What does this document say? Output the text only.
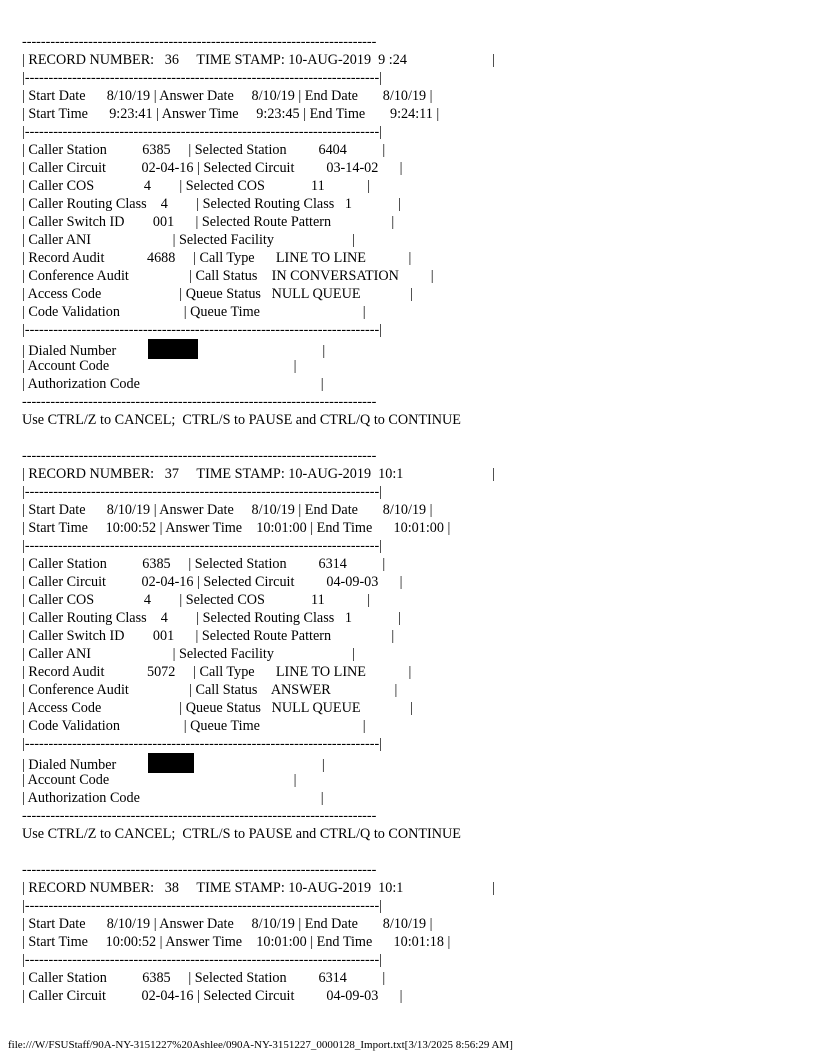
---------------------------------------------------------------------------
| RECORD NUMBER:   36     TIME STAMP: 10-AUG-2019  9 :24                        |
|---------------------------------------------------------------------------|
| Start Date      8/10/19 | Answer Date     8/10/19 | End Date       8/10/19 |
| Start Time      9:23:41 | Answer Time     9:23:45 | End Time       9:24:11 |
|---------------------------------------------------------------------------|
| Caller Station          6385     | Selected Station         6404          |
| Caller Circuit          02-04-16 | Selected Circuit         03-14-02      |
| Caller COS              4        | Selected COS             11            |
| Caller Routing Class    4        | Selected Routing Class   1             |
| Caller Switch ID        001      | Selected Route Pattern                 |
| Caller ANI                       | Selected Facility                      |
| Record Audit            4688     | Call Type      LINE TO LINE            |
| Conference Audit                 | Call Status    IN CONVERSATION         |
| Access Code                      | Queue Status   NULL QUEUE              |
| Code Validation                  | Queue Time                             |
|---------------------------------------------------------------------------|
| Dialed Number	|
| Account Code                                                    |
| Authorization Code                                                   |
---------------------------------------------------------------------------
Use CTRL/Z to CANCEL;  CTRL/S to PAUSE and CTRL/Q to CONTINUE
---------------------------------------------------------------------------
| RECORD NUMBER:   37     TIME STAMP: 10-AUG-2019  10:1                         |
|---------------------------------------------------------------------------|
| Start Date      8/10/19 | Answer Date     8/10/19 | End Date       8/10/19 |
| Start Time     10:00:52 | Answer Time    10:01:00 | End Time      10:01:00 |
|---------------------------------------------------------------------------|
| Caller Station          6385     | Selected Station         6314          |
| Caller Circuit          02-04-16 | Selected Circuit         04-09-03      |
| Caller COS              4        | Selected COS             11            |
| Caller Routing Class    4        | Selected Routing Class   1             |
| Caller Switch ID        001      | Selected Route Pattern                 |
| Caller ANI                       | Selected Facility                      |
| Record Audit            5072     | Call Type      LINE TO LINE            |
| Conference Audit                 | Call Status    ANSWER                  |
| Access Code                      | Queue Status   NULL QUEUE              |
| Code Validation                  | Queue Time                             |
|---------------------------------------------------------------------------|
| Dialed Number	|
| Account Code                                                    |
| Authorization Code                                                   |
---------------------------------------------------------------------------
Use CTRL/Z to CANCEL;  CTRL/S to PAUSE and CTRL/Q to CONTINUE
---------------------------------------------------------------------------
| RECORD NUMBER:   38     TIME STAMP: 10-AUG-2019  10:1                         |
|---------------------------------------------------------------------------|
| Start Date      8/10/19 | Answer Date     8/10/19 | End Date       8/10/19 |
| Start Time     10:00:52 | Answer Time    10:01:00 | End Time      10:01:18 |
|---------------------------------------------------------------------------|
| Caller Station          6385     | Selected Station         6314          |
| Caller Circuit          02-04-16 | Selected Circuit         04-09-03      |
file:///W/FSUStaff/90A-NY-3151227%20Ashlee/090A-NY-3151227_0000128_Import.txt[3/13/2025 8:56:29 AM]
